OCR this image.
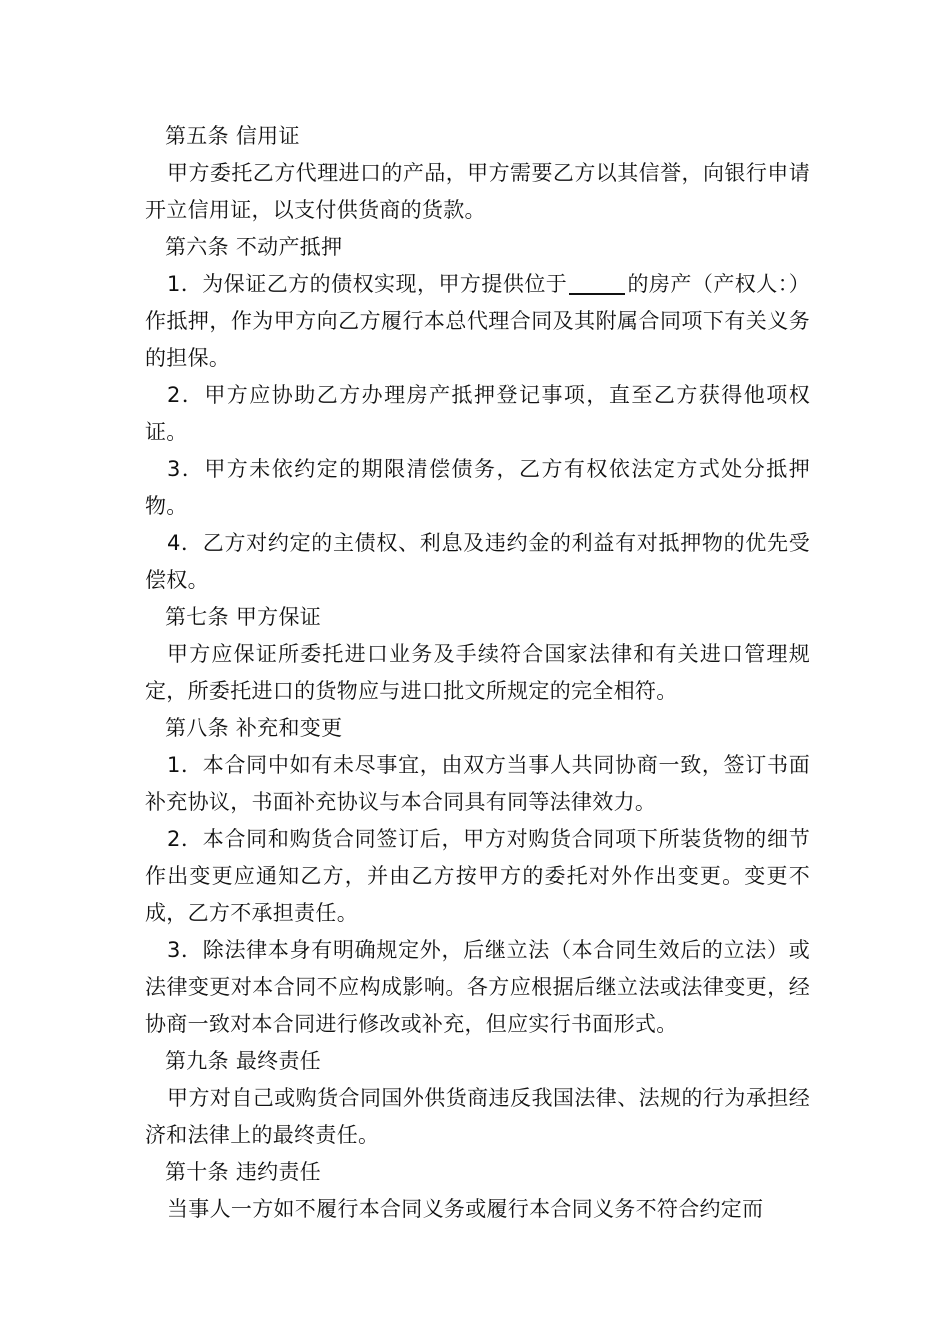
第五条 信用证

甲方委托乙方代理进口的产品，甲方需要乙方以其信誉，向银行申请开立信用证，以支付供货商的货款。

第六条 不动产抵押

1．为保证乙方的债权实现，甲方提供位于	的房产（产权人：）作抵押，作为甲方向乙方履行本总代理合同及其附属合同项下有关义务的担保。

2．甲方应协助乙方办理房产抵押登记事项，直至乙方获得他项权证。

3．甲方未依约定的期限清偿债务，乙方有权依法定方式处分抵押物。

4．乙方对约定的主债权、利息及违约金的利益有对抵押物的优先受偿权。

第七条 甲方保证

甲方应保证所委托进口业务及手续符合国家法律和有关进口管理规定，所委托进口的货物应与进口批文所规定的完全相符。

第八条 补充和变更

1．本合同中如有未尽事宜，由双方当事人共同协商一致，签订书面补充协议，书面补充协议与本合同具有同等法律效力。

2．本合同和购货合同签订后，甲方对购货合同项下所装货物的细节作出变更应通知乙方，并由乙方按甲方的委托对外作出变更。变更不成，乙方不承担责任。

3．除法律本身有明确规定外，后继立法（本合同生效后的立法）或法律变更对本合同不应构成影响。各方应根据后继立法或法律变更，经协商一致对本合同进行修改或补充，但应实行书面形式。

第九条 最终责任

甲方对自己或购货合同国外供货商违反我国法律、法规的行为承担经济和法律上的最终责任。

第十条 违约责任

当事人一方如不履行本合同义务或履行本合同义务不符合约定而
